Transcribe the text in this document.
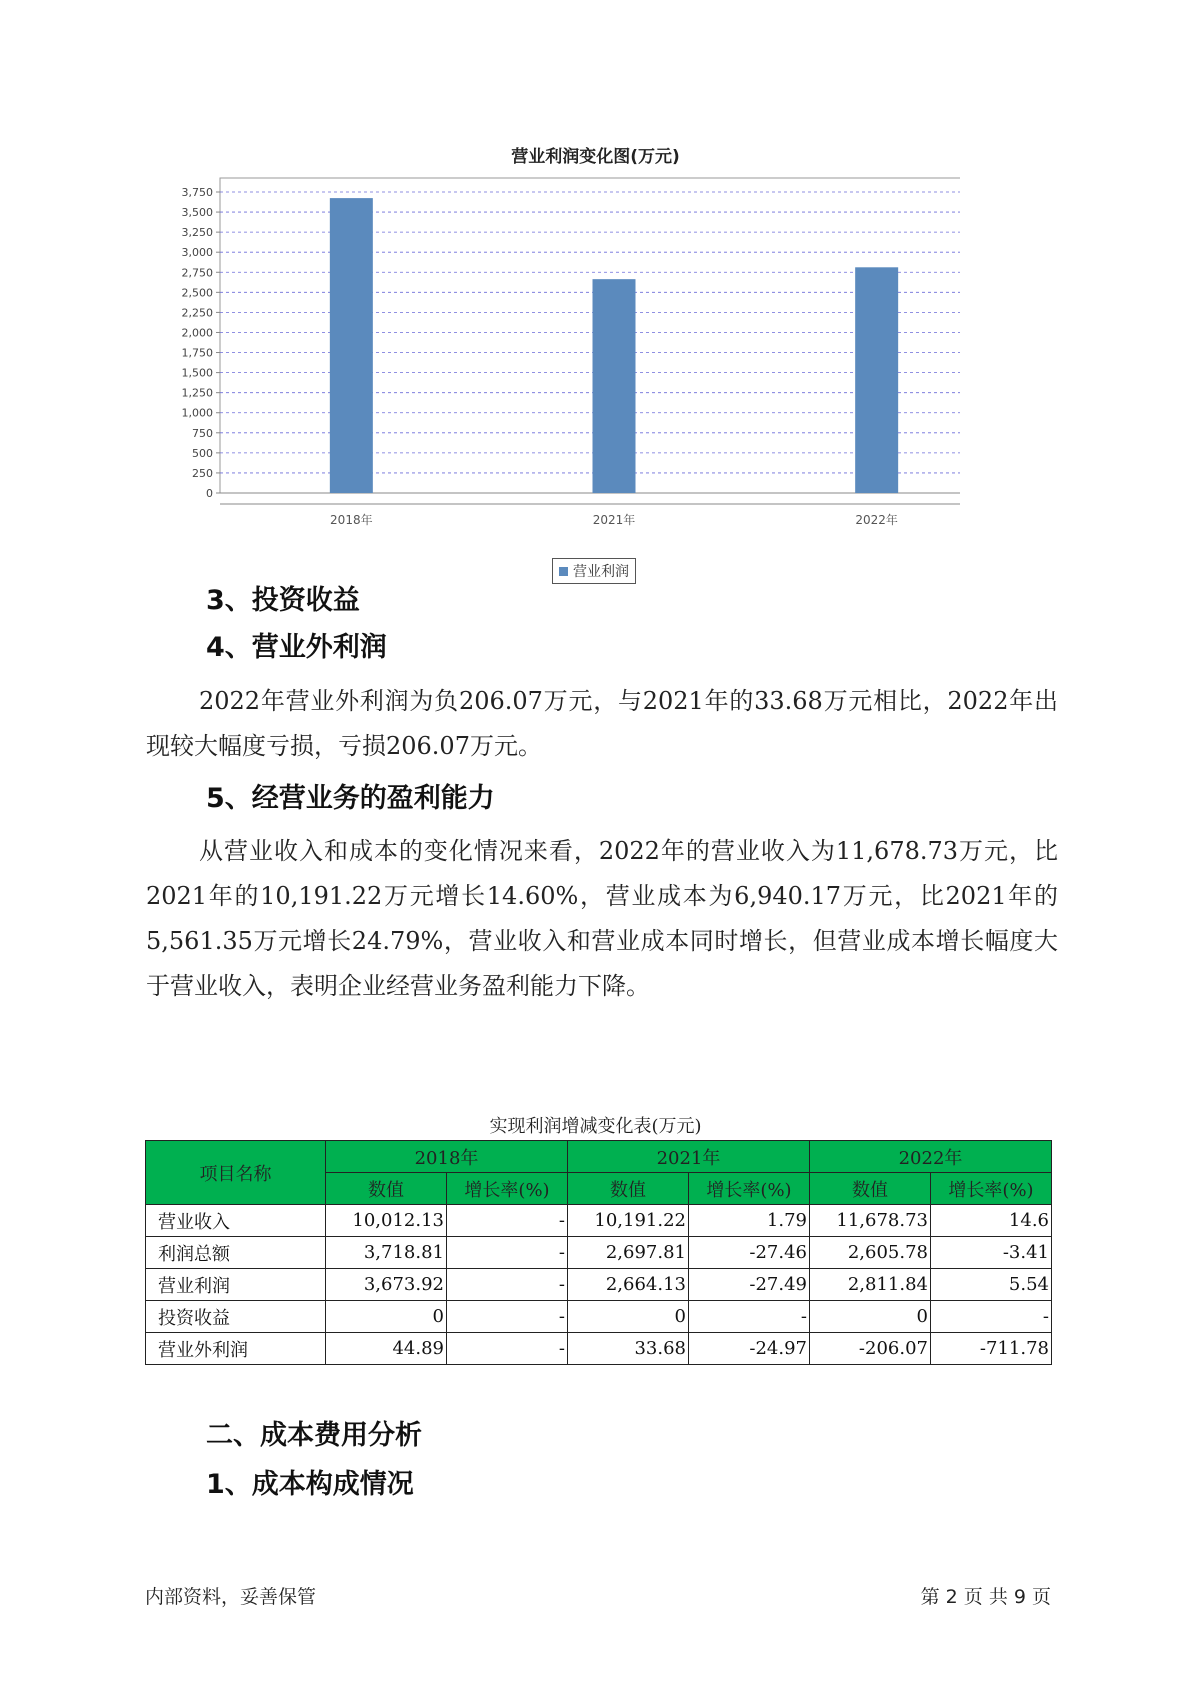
营业利润变化图(万元)
0
250
500
750
1,000
1,250
1,500
1,750
2,000
2,250
2,500
2,750
3,000
3,250
3,500
3,750
2018年	2021年	2022年
营业利润
3、投资收益
4、营业外利润
2022年营业外利润为负206.07万元，与2021年的33.68万元相比，2022年出现较大幅度亏损，亏损206.07万元。
5、经营业务的盈利能力
从营业收入和成本的变化情况来看，2022年的营业收入为11,678.73万元，比2021年的10,191.22万元增长14.60%，营业成本为6,940.17万元，比2021年的5,561.35万元增长24.79%，营业收入和营业成本同时增长，但营业成本增长幅度大于营业收入，表明企业经营业务盈利能力下降。
实现利润增减变化表(万元)
项目名称	2018年		2021年		2022年	
	数值	增长率(%)	数值	增长率(%)	数值	增长率(%)
营业收入	10,012.13	-	10,191.22	1.79	11,678.73	14.6
利润总额	3,718.81	-	2,697.81	-27.46	2,605.78	-3.41
营业利润	3,673.92	-	2,664.13	-27.49	2,811.84	5.54
投资收益	0	-	0	-	0	-
营业外利润	44.89	-	33.68	-24.97	-206.07	-711.78
二、成本费用分析
1、成本构成情况
内部资料，妥善保管	第 2 页 共 9 页
